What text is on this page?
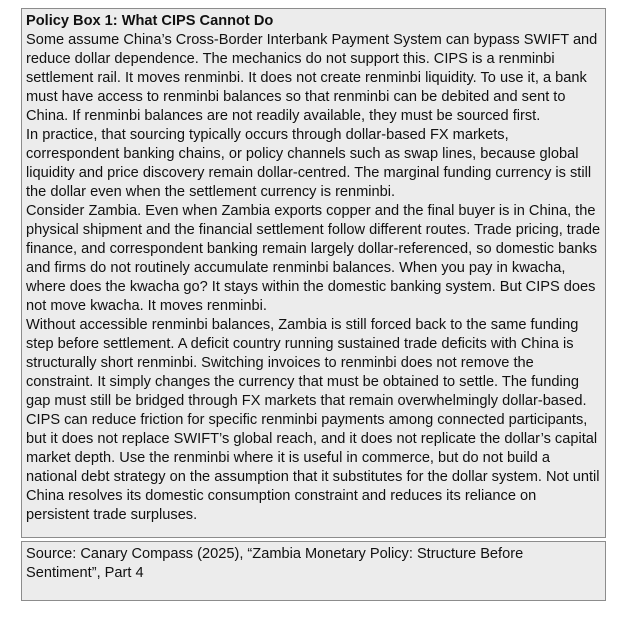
Policy Box 1: What CIPS Cannot Do

Some assume China’s Cross-Border Interbank Payment System can bypass SWIFT and reduce dollar dependence. The mechanics do not support this. CIPS is a renminbi settlement rail. It moves renminbi. It does not create renminbi liquidity. To use it, a bank must have access to renminbi balances so that renminbi can be debited and sent to China. If renminbi balances are not readily available, they must be sourced first.

In practice, that sourcing typically occurs through dollar-based FX markets, correspondent banking chains, or policy channels such as swap lines, because global liquidity and price discovery remain dollar-centred. The marginal funding currency is still the dollar even when the settlement currency is renminbi.

Consider Zambia. Even when Zambia exports copper and the final buyer is in China, the physical shipment and the financial settlement follow different routes. Trade pricing, trade finance, and correspondent banking remain largely dollar-referenced, so domestic banks and firms do not routinely accumulate renminbi balances. When you pay in kwacha, where does the kwacha go? It stays within the domestic banking system. But CIPS does not move kwacha. It moves renminbi.

Without accessible renminbi balances, Zambia is still forced back to the same funding step before settlement. A deficit country running sustained trade deficits with China is structurally short renminbi. Switching invoices to renminbi does not remove the constraint. It simply changes the currency that must be obtained to settle. The funding gap must still be bridged through FX markets that remain overwhelmingly dollar-based. CIPS can reduce friction for specific renminbi payments among connected participants, but it does not replace SWIFT’s global reach, and it does not replicate the dollar’s capital market depth. Use the renminbi where it is useful in commerce, but do not build a national debt strategy on the assumption that it substitutes for the dollar system. Not until China resolves its domestic consumption constraint and reduces its reliance on persistent trade surpluses.

Source: Canary Compass (2025), “Zambia Monetary Policy: Structure Before Sentiment”, Part 4
